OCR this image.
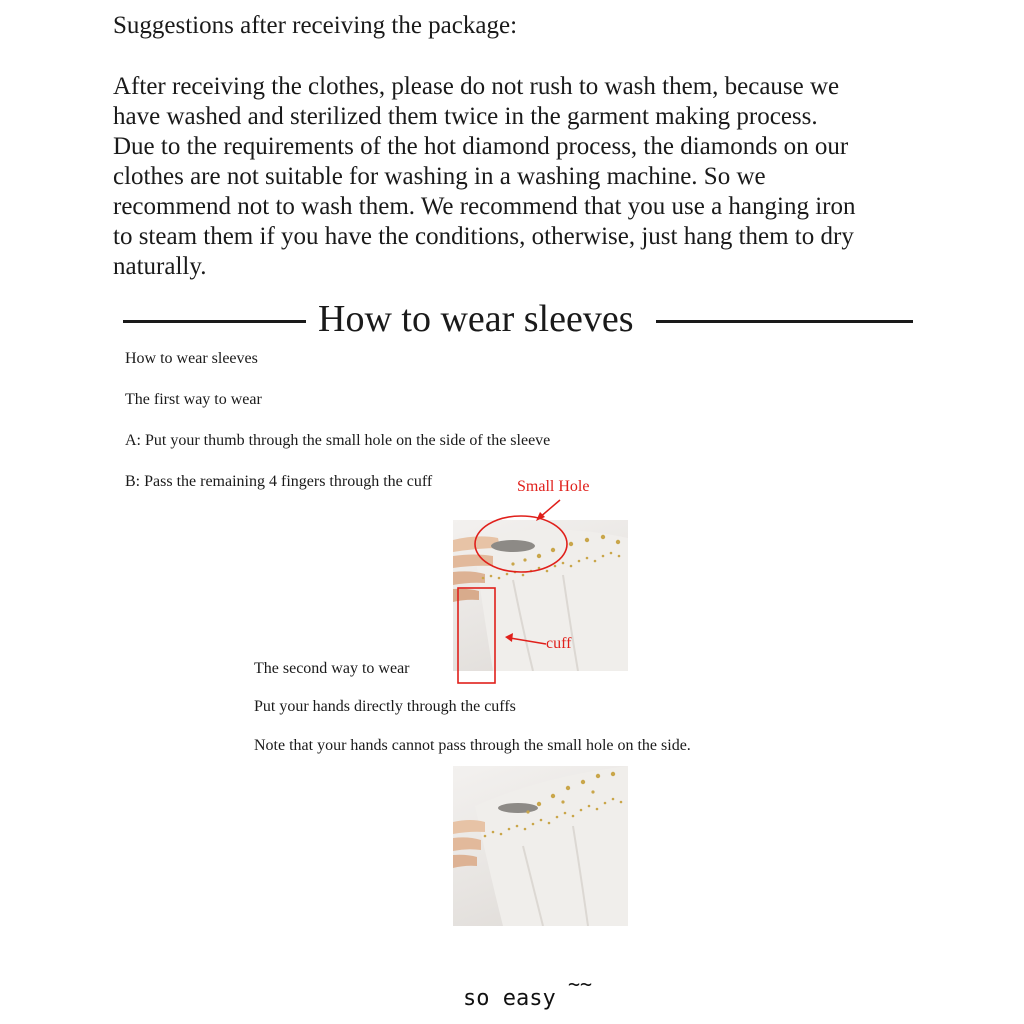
Suggestions after receiving the package:
After receiving the clothes, please do not rush to wash them, because we
have washed and sterilized them twice in the garment making process.
Due to the requirements of the hot diamond process, the diamonds on our
clothes are not suitable for washing in a washing machine. So we
recommend not to wash them. We recommend that you use a hanging iron
to steam them if you have the conditions, otherwise, just hang them to dry
naturally.
How to wear sleeves
How to wear sleeves
The first way to wear
A: Put your thumb through the small hole on the side of the sleeve
B: Pass the remaining 4 fingers through the cuff	Small Hole
cuff
The second way to wear
Put your hands directly through the cuffs
Note that your hands cannot pass through the small hole on the side.
so easy
~~
